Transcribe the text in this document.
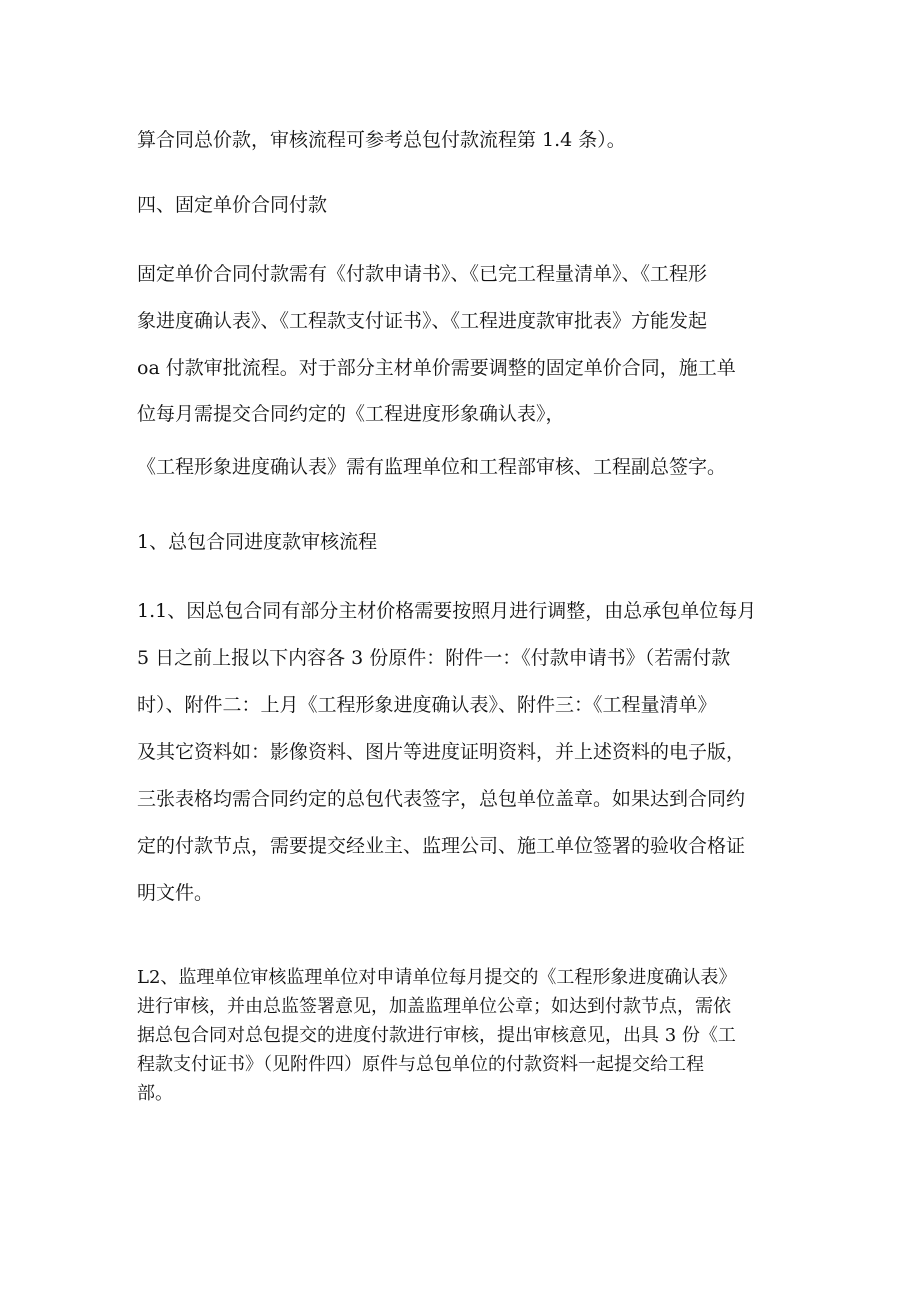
算合同总价款，审核流程可参考总包付款流程第 1.4 条）。
四、固定单价合同付款
固定单价合同付款需有《付款申请书》、《已完工程量清单》、《工程形
象进度确认表》、《工程款支付证书》、《工程进度款审批表》方能发起
oa 付款审批流程。对于部分主材单价需要调整的固定单价合同，施工单
位每月需提交合同约定的《工程进度形象确认表》，
《工程形象进度确认表》需有监理单位和工程部审核、工程副总签字。
1、总包合同进度款审核流程
1.1、因总包合同有部分主材价格需要按照月进行调整，由总承包单位每月
5 日之前上报以下内容各 3 份原件：附件一：《付款申请书》（若需付款
时）、附件二：上月《工程形象进度确认表》、附件三：《工程量清单》
及其它资料如：影像资料、图片等进度证明资料，并上述资料的电子版，
三张表格均需合同约定的总包代表签字，总包单位盖章。如果达到合同约
定的付款节点，需要提交经业主、监理公司、施工单位签署的验收合格证
明文件。
L2、监理单位审核监理单位对申请单位每月提交的《工程形象进度确认表》
进行审核，并由总监签署意见，加盖监理单位公章；如达到付款节点，需依
据总包合同对总包提交的进度付款进行审核，提出审核意见，出具 3 份《工
程款支付证书》（见附件四）原件与总包单位的付款资料一起提交给工程
部。
